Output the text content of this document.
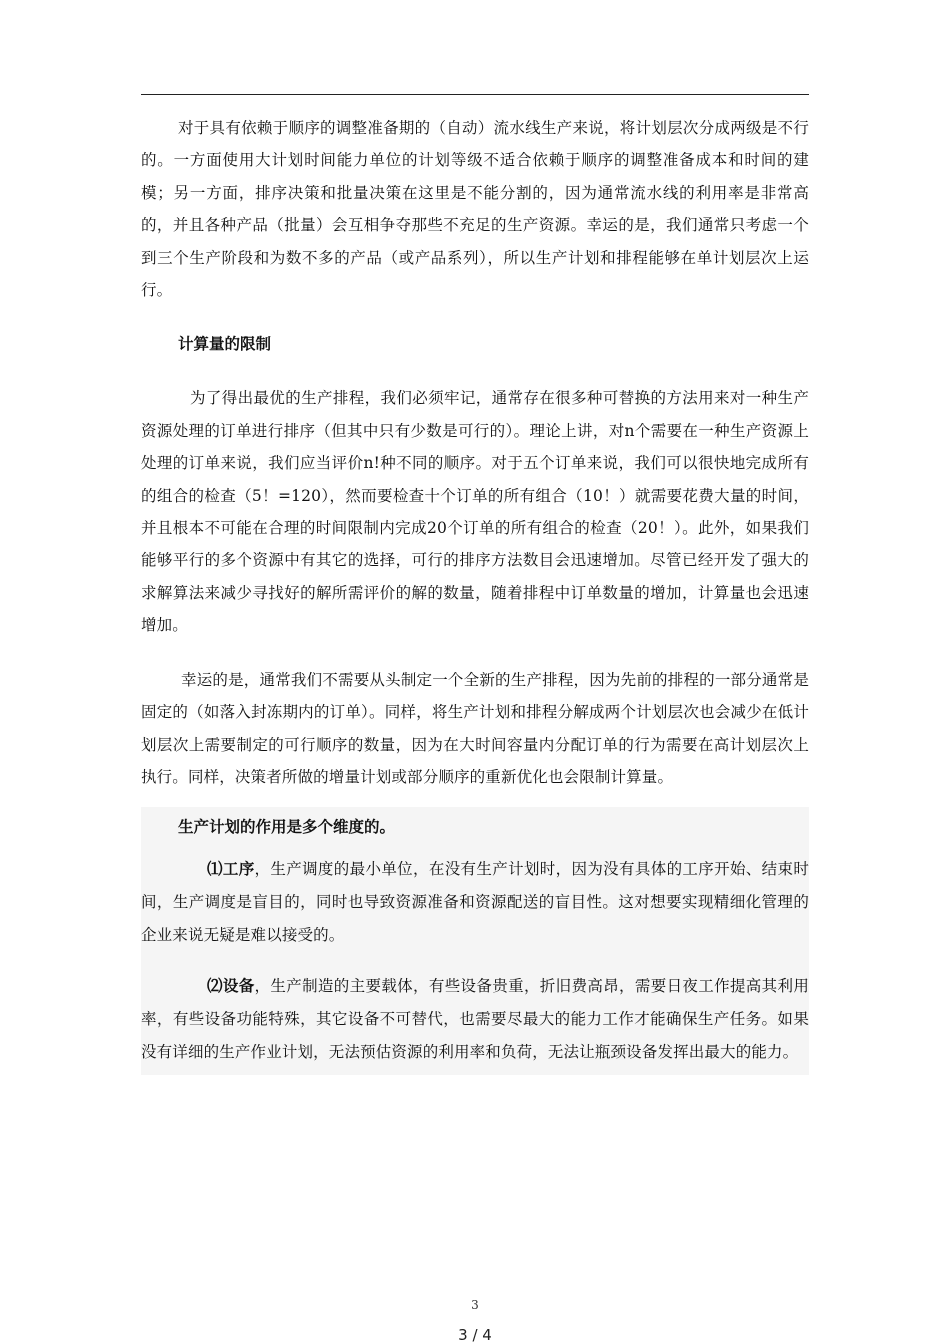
对于具有依赖于顺序的调整准备期的（自动）流水线生产来说，将计划层次分成两级是不行的。一方面使用大计划时间能力单位的计划等级不适合依赖于顺序的调整准备成本和时间的建模；另一方面，排序决策和批量决策在这里是不能分割的，因为通常流水线的利用率是非常高的，并且各种产品（批量）会互相争夺那些不充足的生产资源。幸运的是，我们通常只考虑一个到三个生产阶段和为数不多的产品（或产品系列），所以生产计划和排程能够在单计划层次上运行。

计算量的限制

为了得出最优的生产排程，我们必须牢记，通常存在很多种可替换的方法用来对一种生产资源处理的订单进行排序（但其中只有少数是可行的）。理论上讲，对n个需要在一种生产资源上处理的订单来说，我们应当评价n!种不同的顺序。对于五个订单来说，我们可以很快地完成所有的组合的检查（5！=120），然而要检查十个订单的所有组合（10！）就需要花费大量的时间，并且根本不可能在合理的时间限制内完成20个订单的所有组合的检查（20！）。此外，如果我们能够平行的多个资源中有其它的选择，可行的排序方法数目会迅速增加。尽管已经开发了强大的求解算法来减少寻找好的解所需评价的解的数量，随着排程中订单数量的增加，计算量也会迅速增加。

幸运的是，通常我们不需要从头制定一个全新的生产排程，因为先前的排程的一部分通常是固定的（如落入封冻期内的订单）。同样，将生产计划和排程分解成两个计划层次也会减少在低计划层次上需要制定的可行顺序的数量，因为在大时间容量内分配订单的行为需要在高计划层次上执行。同样，决策者所做的增量计划或部分顺序的重新优化也会限制计算量。

生产计划的作用是多个维度的。

⑴工序，生产调度的最小单位，在没有生产计划时，因为没有具体的工序开始、结束时间，生产调度是盲目的，同时也导致资源准备和资源配送的盲目性。这对想要实现精细化管理的企业来说无疑是难以接受的。

⑵设备，生产制造的主要载体，有些设备贵重，折旧费高昂，需要日夜工作提高其利用率，有些设备功能特殊，其它设备不可替代，也需要尽最大的能力工作才能确保生产任务。如果没有详细的生产作业计划，无法预估资源的利用率和负荷，无法让瓶颈设备发挥出最大的能力。

3
3 / 4
